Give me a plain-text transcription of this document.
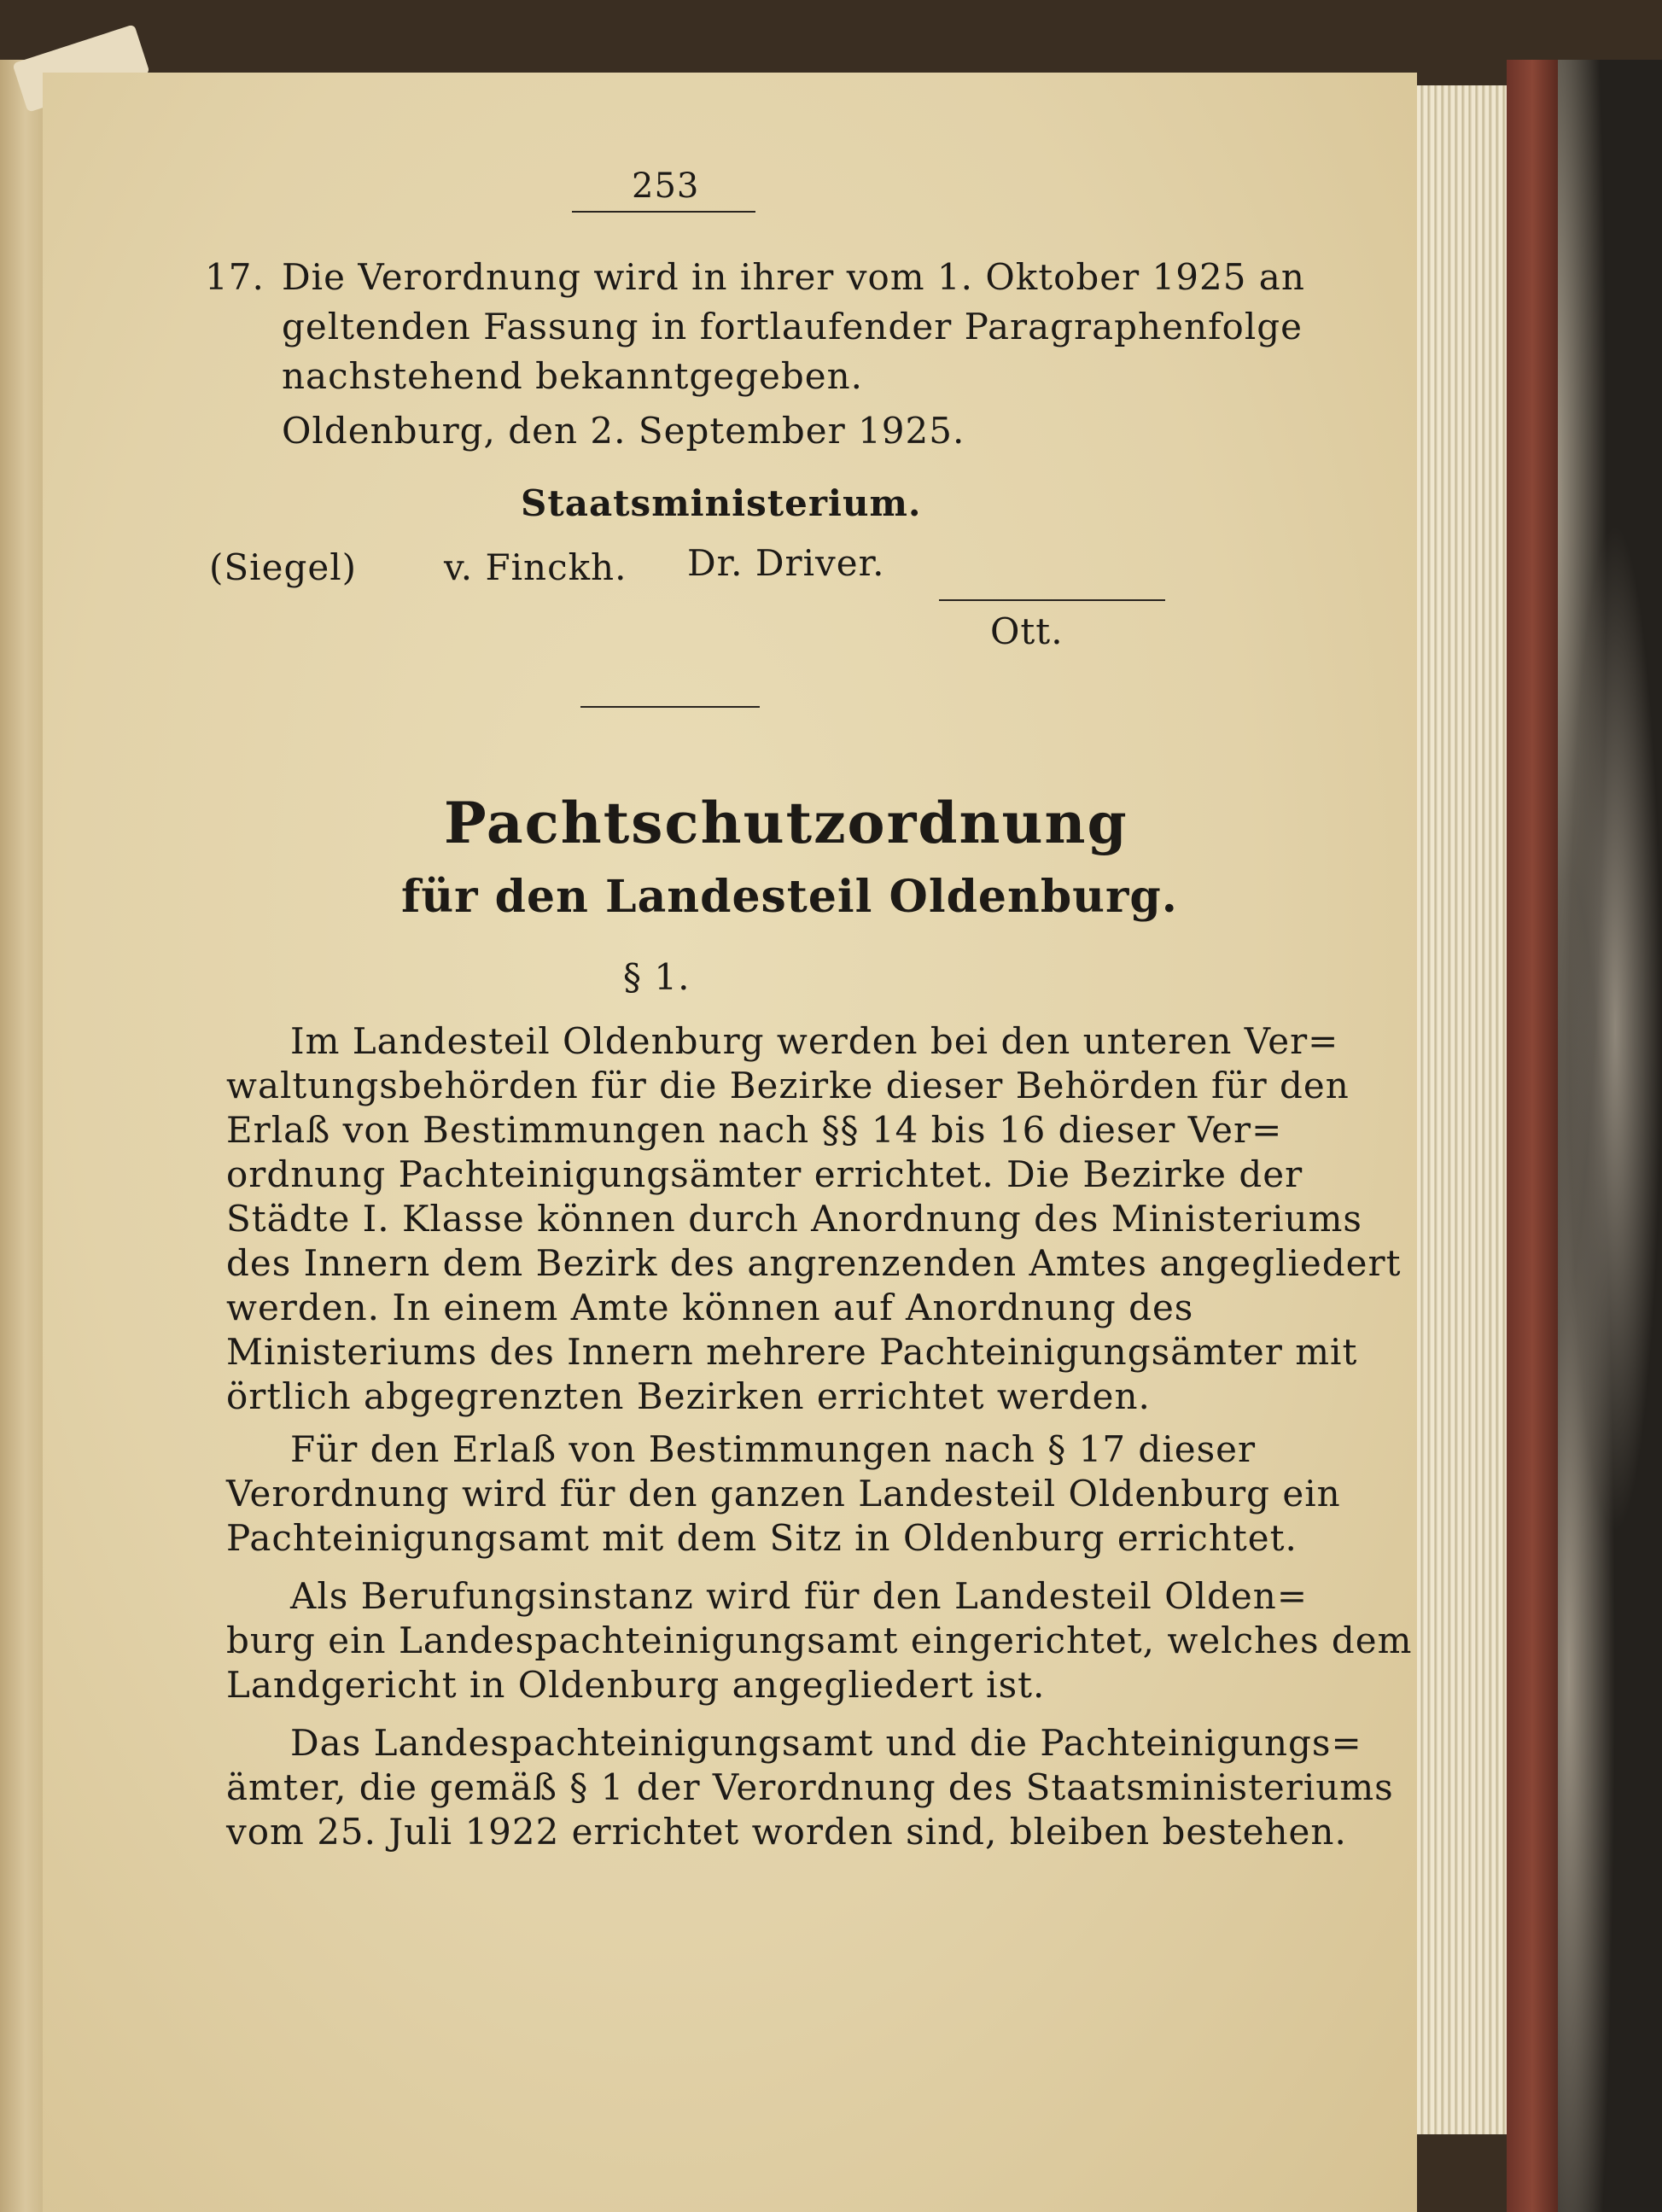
253
17. Die Verordnung wird in ihrer vom 1. Oktober 1925 an
geltenden Fassung in fortlaufender Paragraphenfolge
nachstehend bekanntgegeben.
Oldenburg, den 2. September 1925.
Staatsministerium.
(Siegel) v. Finckh. Dr. Driver.
Ott.
Pachtschutzordnung
für den Landesteil Oldenburg.
§ 1.
Im Landesteil Oldenburg werden bei den unteren Ver=
waltungsbehörden für die Bezirke dieser Behörden für den
Erlaß von Bestimmungen nach §§ 14 bis 16 dieser Ver=
ordnung Pachteinigungsämter errichtet. Die Bezirke der
Städte I. Klasse können durch Anordnung des Ministeriums
des Innern dem Bezirk des angrenzenden Amtes angegliedert
werden. In einem Amte können auf Anordnung des
Ministeriums des Innern mehrere Pachteinigungsämter mit
örtlich abgegrenzten Bezirken errichtet werden.
Für den Erlaß von Bestimmungen nach § 17 dieser
Verordnung wird für den ganzen Landesteil Oldenburg ein
Pachteinigungsamt mit dem Sitz in Oldenburg errichtet.
Als Berufungsinstanz wird für den Landesteil Olden=
burg ein Landespachteinigungsamt eingerichtet, welches dem
Landgericht in Oldenburg angegliedert ist.
Das Landespachteinigungsamt und die Pachteinigungs=
ämter, die gemäß § 1 der Verordnung des Staatsministeriums
vom 25. Juli 1922 errichtet worden sind, bleiben bestehen.
